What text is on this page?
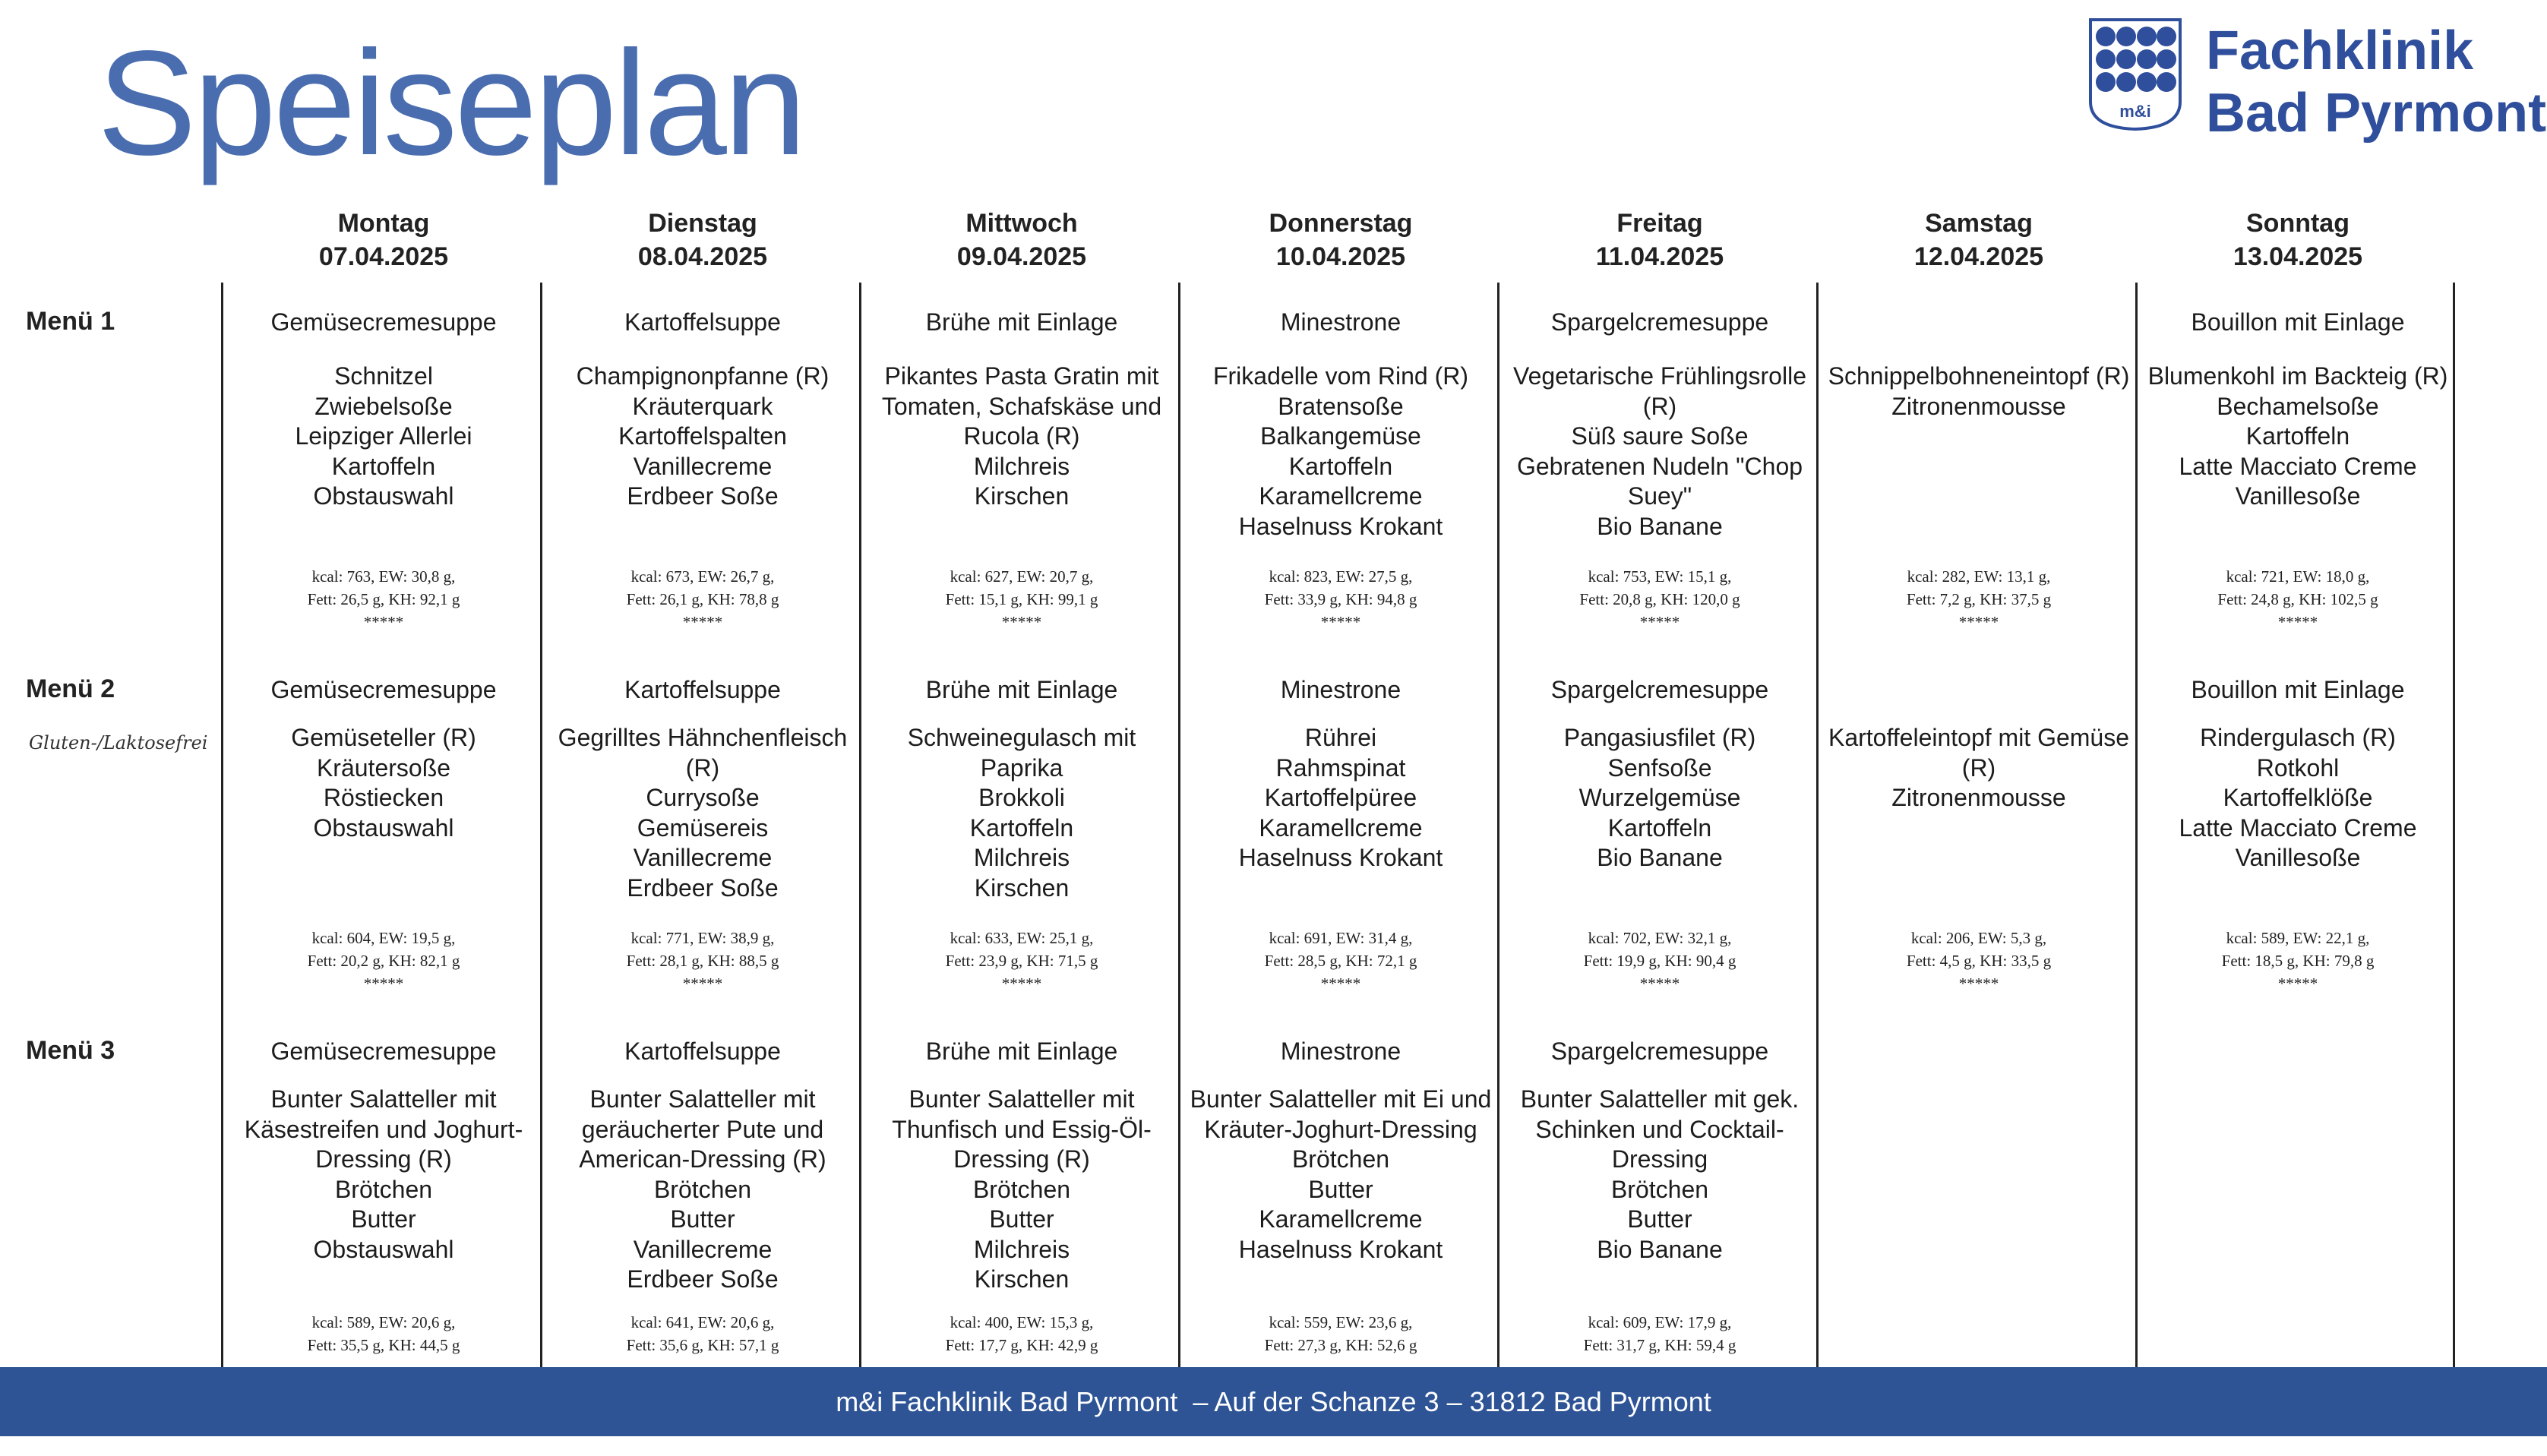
Speiseplan	m&i
Fachklinik
Bad Pyrmont
Montag
07.04.2025
Dienstag
08.04.2025
Mittwoch
09.04.2025
Donnerstag
10.04.2025
Freitag
11.04.2025
Samstag
12.04.2025
Sonntag
13.04.2025
Menü 1
Menü 2
Gluten-/Laktosefrei
Menü 3
Gemüsecremesuppe
Schnitzel
Zwiebelsoße
Leipziger Allerlei
Kartoffeln
Obstauswahl
kcal: 763, EW: 30,8 g,
Fett: 26,5 g, KH: 92,1 g
*****
Kartoffelsuppe
Champignonpfanne (R)
Kräuterquark
Kartoffelspalten
Vanillecreme
Erdbeer Soße
kcal: 673, EW: 26,7 g,
Fett: 26,1 g, KH: 78,8 g
*****
Brühe mit Einlage
Pikantes Pasta Gratin mit
Tomaten, Schafskäse und
Rucola (R)
Milchreis
Kirschen
kcal: 627, EW: 20,7 g,
Fett: 15,1 g, KH: 99,1 g
*****
Minestrone
Frikadelle vom Rind (R)
Bratensoße
Balkangemüse
Kartoffeln
Karamellcreme
Haselnuss Krokant
kcal: 823, EW: 27,5 g,
Fett: 33,9 g, KH: 94,8 g
*****
Spargelcremesuppe
Vegetarische Frühlingsrolle
(R)
Süß saure Soße
Gebratenen Nudeln "Chop
Suey"
Bio Banane
kcal: 753, EW: 15,1 g,
Fett: 20,8 g, KH: 120,0 g
*****
Schnippelbohneneintopf (R)
Zitronenmousse
kcal: 282, EW: 13,1 g,
Fett: 7,2 g, KH: 37,5 g
*****
Bouillon mit Einlage
Blumenkohl im Backteig (R)
Bechamelsoße
Kartoffeln
Latte Macciato Creme
Vanillesoße
kcal: 721, EW: 18,0 g,
Fett: 24,8 g, KH: 102,5 g
*****
Gemüsecremesuppe
Gemüseteller (R)
Kräutersoße
Röstiecken
Obstauswahl
kcal: 604, EW: 19,5 g,
Fett: 20,2 g, KH: 82,1 g
*****
Kartoffelsuppe
Gegrilltes Hähnchenfleisch
(R)
Currysoße
Gemüsereis
Vanillecreme
Erdbeer Soße
kcal: 771, EW: 38,9 g,
Fett: 28,1 g, KH: 88,5 g
*****
Brühe mit Einlage
Schweinegulasch mit
Paprika
Brokkoli
Kartoffeln
Milchreis
Kirschen
kcal: 633, EW: 25,1 g,
Fett: 23,9 g, KH: 71,5 g
*****
Minestrone
Rührei
Rahmspinat
Kartoffelpüree
Karamellcreme
Haselnuss Krokant
kcal: 691, EW: 31,4 g,
Fett: 28,5 g, KH: 72,1 g
*****
Spargelcremesuppe
Pangasiusfilet (R)
Senfsoße
Wurzelgemüse
Kartoffeln
Bio Banane
kcal: 702, EW: 32,1 g,
Fett: 19,9 g, KH: 90,4 g
*****
Kartoffeleintopf mit Gemüse
(R)
Zitronenmousse
kcal: 206, EW: 5,3 g,
Fett: 4,5 g, KH: 33,5 g
*****
Bouillon mit Einlage
Rindergulasch (R)
Rotkohl
Kartoffelklöße
Latte Macciato Creme
Vanillesoße
kcal: 589, EW: 22,1 g,
Fett: 18,5 g, KH: 79,8 g
*****
Gemüsecremesuppe
Bunter Salatteller mit
Käsestreifen und Joghurt-
Dressing (R)
Brötchen
Butter
Obstauswahl
kcal: 589, EW: 20,6 g,
Fett: 35,5 g, KH: 44,5 g
Kartoffelsuppe
Bunter Salatteller mit
geräucherter Pute und
American-Dressing (R)
Brötchen
Butter
Vanillecreme
Erdbeer Soße
kcal: 641, EW: 20,6 g,
Fett: 35,6 g, KH: 57,1 g
Brühe mit Einlage
Bunter Salatteller mit
Thunfisch und Essig-Öl-
Dressing (R)
Brötchen
Butter
Milchreis
Kirschen
kcal: 400, EW: 15,3 g,
Fett: 17,7 g, KH: 42,9 g
Minestrone
Bunter Salatteller mit Ei und
Kräuter-Joghurt-Dressing
Brötchen
Butter
Karamellcreme
Haselnuss Krokant
kcal: 559, EW: 23,6 g,
Fett: 27,3 g, KH: 52,6 g
Spargelcremesuppe
Bunter Salatteller mit gek.
Schinken und Cocktail-
Dressing
Brötchen
Butter
Bio Banane
kcal: 609, EW: 17,9 g,
Fett: 31,7 g, KH: 59,4 g
m&i Fachklinik Bad Pyrmont  – Auf der Schanze 3 – 31812 Bad Pyrmont
